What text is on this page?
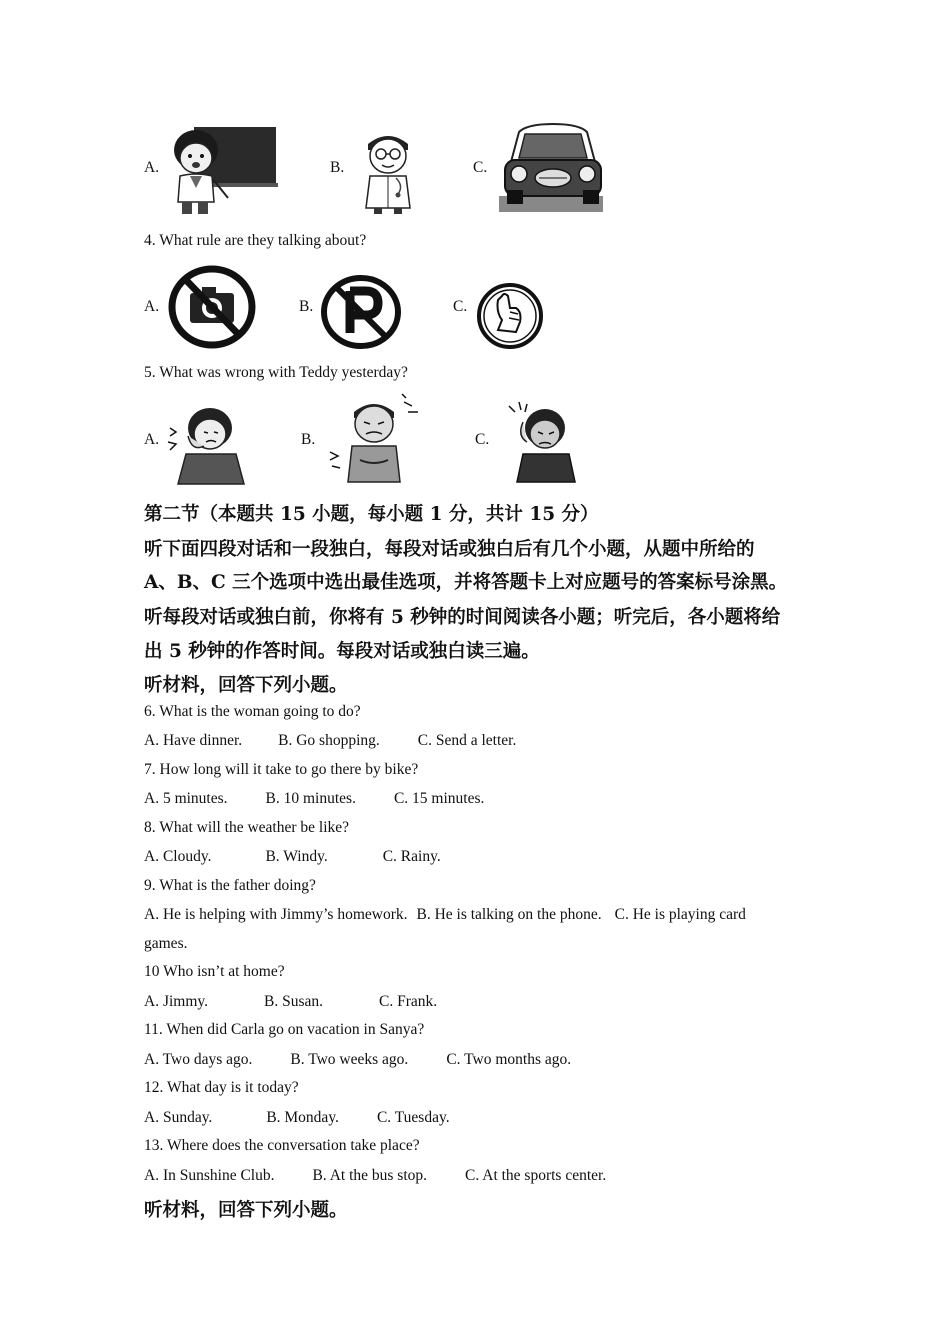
A.	B.	C.
4. What rule are they talking about?
A.	B.	C.
5. What was wrong with Teddy yesterday?
A.	B.	C.
第二节（本题共 15 小题，每小题 1 分，共计 15 分）
听下面四段对话和一段独白，每段对话或独白后有几个小题，从题中所给的
A、B、C 三个选项中选出最佳选项，并将答题卡上对应题号的答案标号涂黑。
听每段对话或独白前，你将有 5 秒钟的时间阅读各小题；听完后，各小题将给
出 5 秒钟的作答时间。每段对话或独白读三遍。
听材料，回答下列小题。
6. What is the woman going to do?
A. Have dinner. B. Go shopping. C. Send a letter.
7. How long will it take to go there by bike?
A. 5 minutes. B. 10 minutes. C. 15 minutes.
8. What will the weather be like?
A. Cloudy.	B. Windy.	C. Rainy.
9. What is the father doing?
A. He is helping with Jimmy’s homework. B. He is talking on the phone. C. He is playing card
games.
10 Who isn’t at home?
A. Jimmy.	B. Susan.	C. Frank.
11. When did Carla go on vacation in Sanya?
A. Two days ago. B. Two weeks ago. C. Two months ago.
12. What day is it today?
A. Sunday.	B. Monday. C. Tuesday.
13. Where does the conversation take place?
A. In Sunshine Club. B. At the bus stop. C. At the sports center.
听材料，回答下列小题。
